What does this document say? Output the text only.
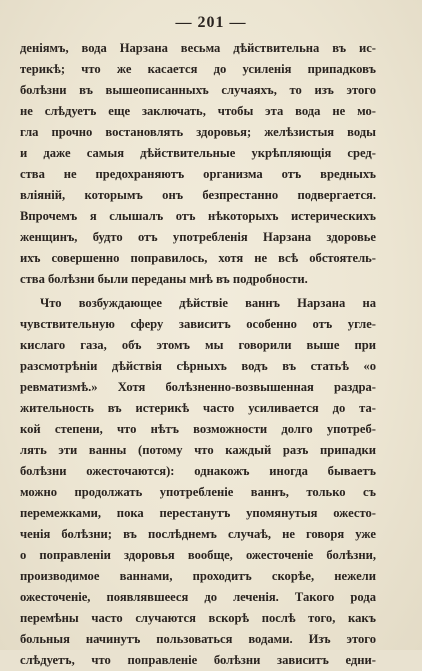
— 201 —
денiямъ, вода Нарзана весьма дѣйствительна въ ис-
терикѣ; что же касается до усиленія припадковъ
болѣзни въ вышеописанныхъ случаяхъ, то изъ этого
не слѣдуетъ еще заключать, чтобы эта вода не мо-
гла прочно востановлять здоровья; желѣзистыя воды
и даже самыя дѣйствительные укрѣпляющія сред-
ства не предохраняютъ организма отъ вредныхъ
вліяній, которымъ онъ безпрестанно подвергается.
Впрочемъ я слышалъ отъ нѣкоторыхъ истерическихъ
женщинъ, будто отъ употребленія Нарзана здоровье
ихъ совершенно поправилось, хотя не всѣ обстоятель-
ства болѣзни были переданы мнѣ въ подробности.
Что возбуждающее дѣйствіе ваннъ Нарзана на
чувствительную сферу зависитъ особенно отъ угле-
кислаго газа, объ этомъ мы говорили выше при
разсмотрѣніи дѣйствія сѣрныхъ водъ въ статьѣ «о
ревматизмѣ.» Хотя болѣзненно-возвышенная раздра-
жительность въ истерикѣ часто усиливается до та-
кой степени, что нѣтъ возможности долго употреб-
лять эти ванны (потому что каждый разъ припадки
болѣзни ожесточаются): однакожъ иногда бываетъ
можно продолжать употребленіе ваннъ, только съ
перемежками, пока перестанутъ упомянутыя ожесто-
ченія болѣзни; въ послѣднемъ случаѣ, не говоря уже
о поправленіи здоровья вообще, ожесточеніе болѣзни,
производимое ваннами, проходитъ скорѣе, нежели
ожесточеніе, появлявшееся до леченія. Такого рода
перемѣны часто случаются вскорѣ послѣ того, какъ
больныя начинутъ пользоваться водами. Изъ этого
слѣдуетъ, что поправленіе болѣзни зависитъ едни-
